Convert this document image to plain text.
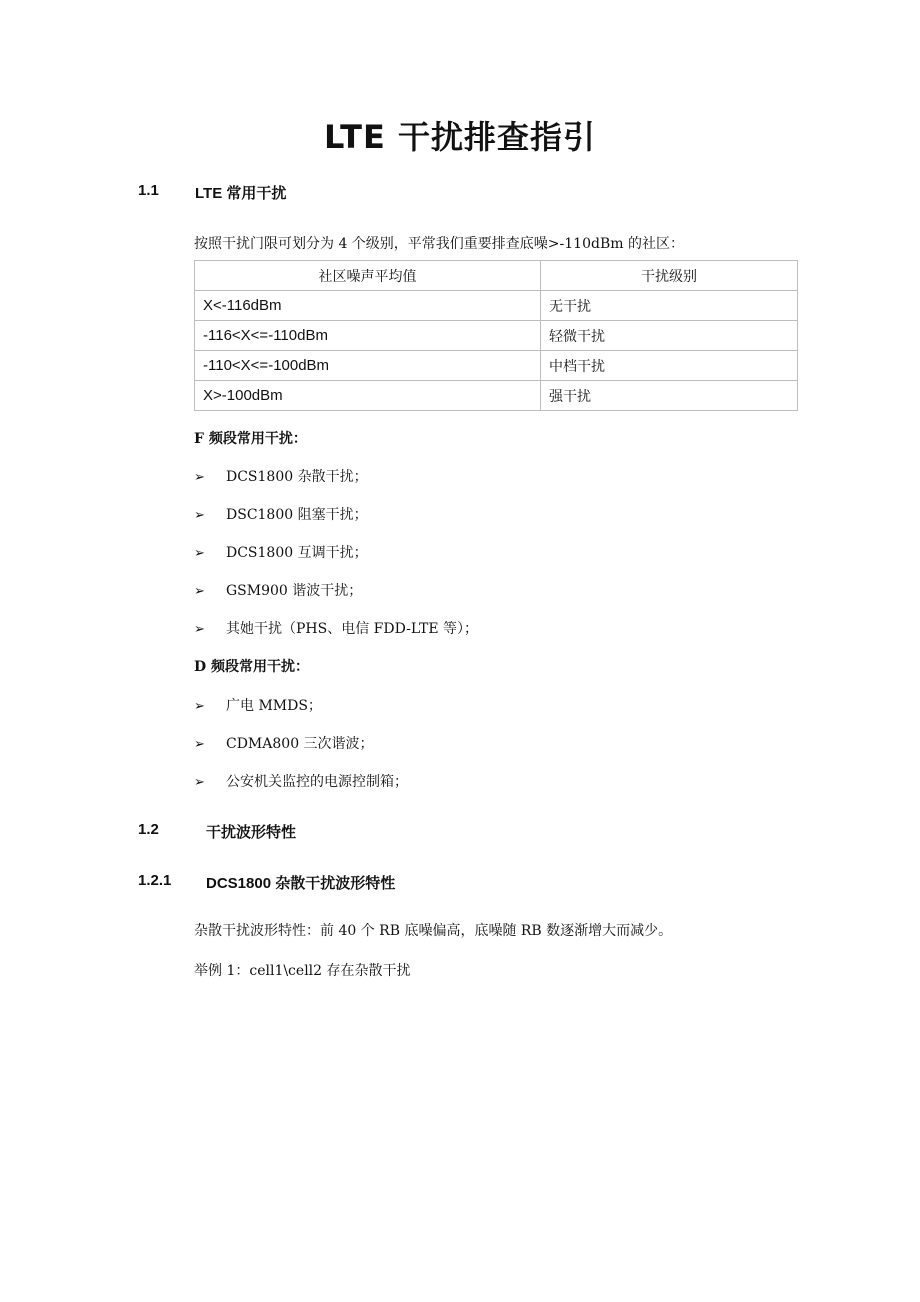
LTE 干扰排查指引
1.1 LTE 常用干扰
按照干扰门限可划分为 4 个级别，平常我们重要排查底噪>-110dBm 的社区：
社区噪声平均值	干扰级别
X<-116dBm	无干扰
-116<X<=-110dBm	轻微干扰
-110<X<=-100dBm	中档干扰
X>-100dBm	强干扰
F 频段常用干扰：
➢ DCS1800 杂散干扰；
➢ DSC1800 阻塞干扰；
➢ DCS1800 互调干扰；
➢ GSM900 谐波干扰；
➢ 其她干扰（PHS、电信 FDD-LTE 等）；
D 频段常用干扰：
➢ 广电 MMDS；
➢ CDMA800 三次谐波；
➢ 公安机关监控的电源控制箱；
1.2	干扰波形特性
1.2.1 DCS1800 杂散干扰波形特性
杂散干扰波形特性：前 40 个 RB 底噪偏高，底噪随 RB 数逐渐增大而减少。
举例 1：cell1\cell2 存在杂散干扰
